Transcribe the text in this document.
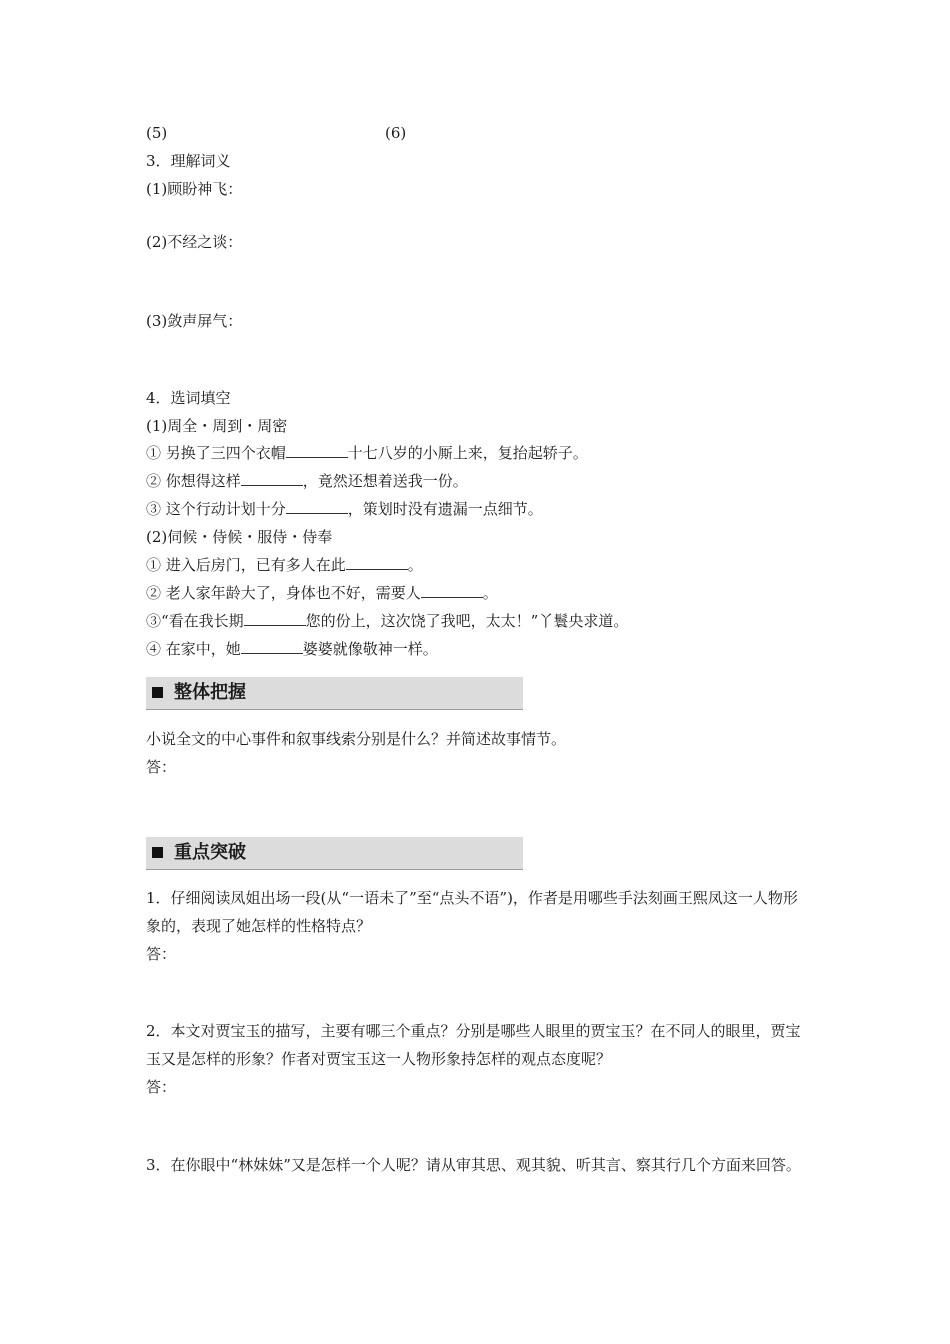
(5)	(6)
3．理解词义
(1)顾盼神飞：
(2)不经之谈：
(3)敛声屏气：
4．选词填空
(1)周全・周到・周密
① 另换了三四个衣帽	十七八岁的小厮上来，复抬起轿子。
② 你想得这样	，竟然还想着送我一份。
③ 这个行动计划十分	，策划时没有遗漏一点细节。
(2)伺候・侍候・服侍・侍奉
① 进入后房门，已有多人在此	。
② 老人家年龄大了，身体也不好，需要人	。
③“看在我长期	您的份上，这次饶了我吧，太太！”丫鬟央求道。
④ 在家中，她	婆婆就像敬神一样。
整体把握
小说全文的中心事件和叙事线索分别是什么？并简述故事情节。
答：
重点突破
1．仔细阅读凤姐出场一段(从“一语未了”至“点头不语”)，作者是用哪些手法刻画王熙凤这一人物形象的，表现了她怎样的性格特点？
答：
2．本文对贾宝玉的描写，主要有哪三个重点？分别是哪些人眼里的贾宝玉？在不同人的眼里，贾宝玉又是怎样的形象？作者对贾宝玉这一人物形象持怎样的观点态度呢？
答：
3．在你眼中“林妹妹”又是怎样一个人呢？请从审其思、观其貌、听其言、察其行几个方面来回答。
